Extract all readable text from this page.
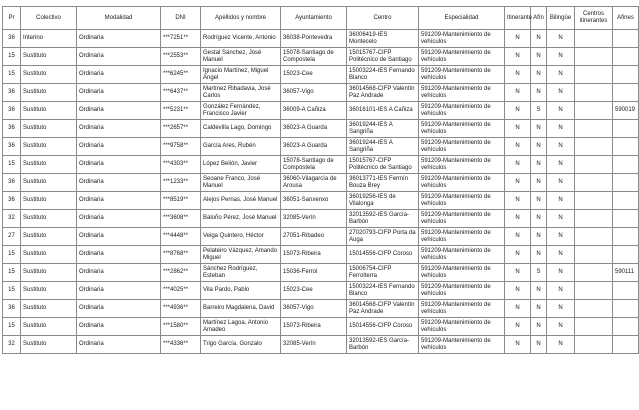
Pr	Colectivo	Modalidad	DNI	Apellidos y nombre	Ayuntamiento	Centro	Especialidad	Itinerante	Afín	Bilingüe	Centros itinerantes	Afines
36	Interino	Ordinaria	***7251**	Rodríguez Vicente, Antonio	36038-Pontevedra	36006419-IES Montecelo	591209-Mantenimiento de vehículos	N	N	N		
15	Sustituto	Ordinaria	***2553**	Gestal Sánchez, José Manuel	15078-Santiago de Compostela	15015767-CIFP Politécnico de Santiago	591209-Mantenimiento de vehículos	N	N	N		
15	Sustituto	Ordinaria	***6245**	Ignacio Martínez, Miguel Ángel	15023-Cee	15003224-IES Fernando Blanco	591209-Mantenimiento de vehículos	N	N	N		
36	Sustituto	Ordinaria	***6437**	Martínez Ribadavia, José Carlos	36057-Vigo	36014568-CIFP Valentín Paz Andrade	591209-Mantenimiento de vehículos	N	N	N		
36	Sustituto	Ordinaria	***5231**	González Fernández, Francisco Javier	36009-A Cañiza	36016101-IES A Cañiza	591209-Mantenimiento de vehículos	N	S	N		590019
36	Sustituto	Ordinaria	***2657**	Caldevilla Lago, Domingo	36023-A Guarda	36019244-IES A Sangriña	591209-Mantenimiento de vehículos	N	N	N		
36	Sustituto	Ordinaria	***9758**	García Ares, Rubén	36023-A Guarda	36019244-IES A Sangriña	591209-Mantenimiento de vehículos	N	N	N		
15	Sustituto	Ordinaria	***4303**	López Belión, Javier	15078-Santiago de Compostela	15015767-CIFP Politécnico de Santiago	591209-Mantenimiento de vehículos	N	N	N		
36	Sustituto	Ordinaria	***1233**	Seoane Franco, José Manuel	36060-Vilagarcía de Arousa	36013771-IES Fermín Bouza Brey	591209-Mantenimiento de vehículos	N	N	N		
36	Sustituto	Ordinaria	***8519**	Alejos Pernas, José Manuel	36051-Sanxenxo	36019256-IES de Vilalonga	591209-Mantenimiento de vehículos	N	N	N		
32	Sustituto	Ordinaria	***3608**	Baloño Pérez, José Manuel	32085-Verín	32013592-IES García-Barbón	591209-Mantenimiento de vehículos	N	N	N		
27	Sustituto	Ordinaria	***4448**	Veiga Quintero, Héctor	27051-Ribadeo	27020793-CIFP Porta da Auga	591209-Mantenimiento de vehículos	N	N	N		
15	Sustituto	Ordinaria	***8768**	Pelateiro Vázquez, Amando Miguel	15073-Ribeira	15014556-CIFP Coroso	591209-Mantenimiento de vehículos	N	N	N		
15	Sustituto	Ordinaria	***2862**	Sánchez Rodríguez, Esteban	15036-Ferrol	15006754-CIFP Ferrolterra	591209-Mantenimiento de vehículos	N	S	N		590111
15	Sustituto	Ordinaria	***4025**	Vila Pardo, Pablo	15023-Cee	15003224-IES Fernando Blanco	591209-Mantenimiento de vehículos	N	N	N		
36	Sustituto	Ordinaria	***4936**	Barreiro Magdalena, David	36057-Vigo	36014568-CIFP Valentín Paz Andrade	591209-Mantenimiento de vehículos	N	N	N		
15	Sustituto	Ordinaria	***1580**	Martínez Lagoa, Antonio Amadeo	15073-Ribeira	15014556-CIFP Coroso	591209-Mantenimiento de vehículos	N	N	N		
32	Sustituto	Ordinaria	***4336**	Trigo García, Gonzalo	32085-Verín	32013592-IES García-Barbón	591209-Mantenimiento de vehículos	N	N	N		
